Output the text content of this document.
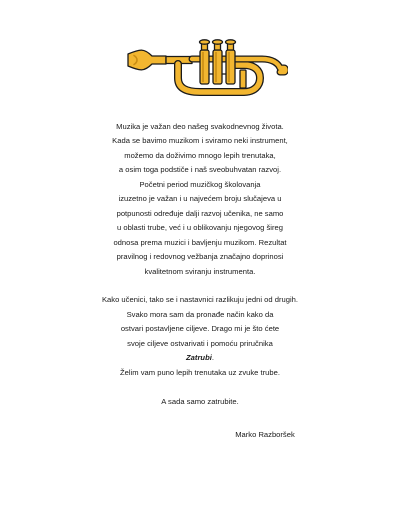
Muzika je važan deo našeg svakodnevnog života.
Kada se bavimo muzikom i sviramo neki instrument,
možemo da doživimo mnogo lepih trenutaka,
a osim toga podstiče i naš sveobuhvatan razvoj.
Početni period muzičkog školovanja
izuzetno je važan i u najvećem broju slučajeva u
potpunosti određuje dalji razvoj učenika, ne samo
u oblasti trube, već i u oblikovanju njegovog šireg
odnosa prema muzici i bavljenju muzikom. Rezultat
pravilnog i redovnog vežbanja značajno doprinosi
kvalitetnom sviranju instrumenta.
Kako učenici, tako se i nastavnici razlikuju jedni od drugih.
Svako mora sam da pronađe način kako da
ostvari postavljene ciljeve. Drago mi je što ćete
svoje ciljeve ostvarivati i pomoću priručnika
Zatrubi.
Želim vam puno lepih trenutaka uz zvuke trube.
A sada samo zatrubite.
Marko Razboršek
